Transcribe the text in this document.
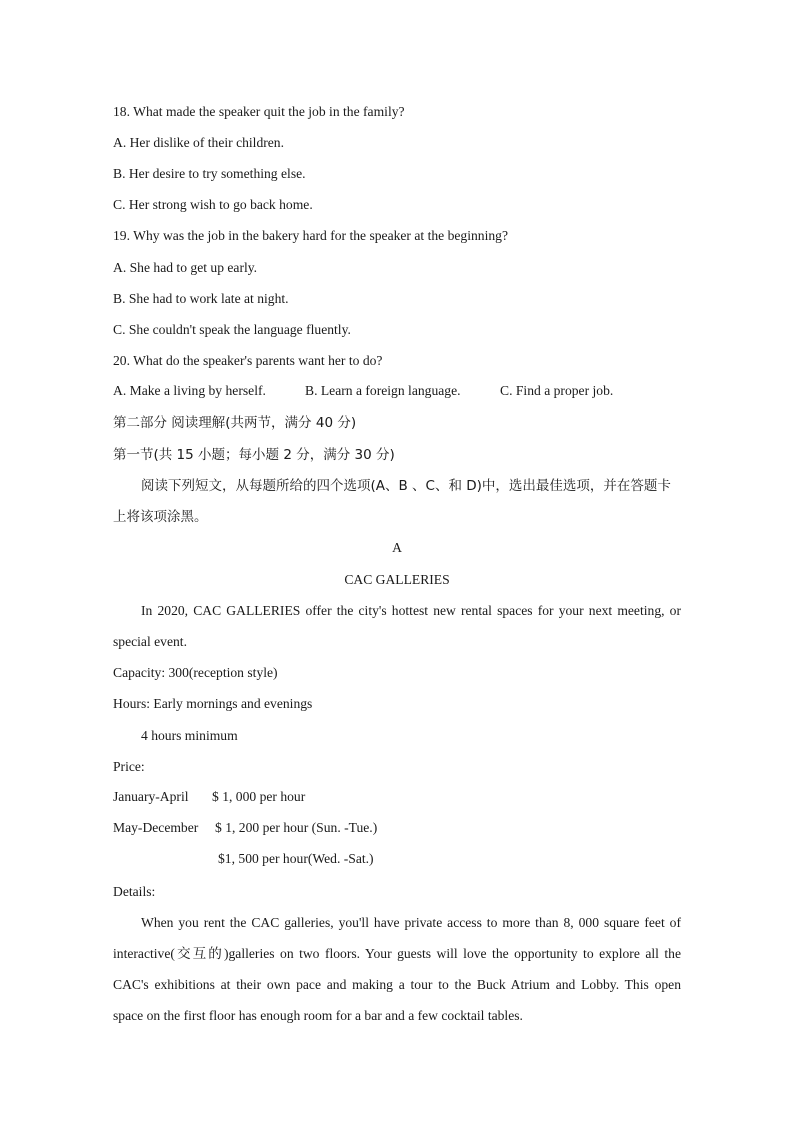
18. What made the speaker quit the job in the family?
A. Her dislike of their children.
B. Her desire to try something else.
C. Her strong wish to go back home.
19. Why was the job in the bakery hard for the speaker at the beginning?
A. She had to get up early.
B. She had to work late at night.
C. She couldn't speak the language fluently.
20. What do the speaker's parents want her to do?
A. Make a living by herself.	B. Learn a foreign language.	C. Find a proper job.
第二部分 阅读理解(共两节，满分 40 分)
第一节(共 15 小题；每小题 2 分，满分 30 分)
阅读下列短文，从每题所给的四个选项(A、B 、C、和 D)中，选出最佳选项，并在答题卡
上将该项涂黑。
A
CAC GALLERIES
In 2020, CAC GALLERIES offer the city's hottest new rental spaces for your next meeting, or
special event.
Capacity: 300(reception style)
Hours: Early mornings and evenings
4 hours minimum
Price:
January-April $ 1, 000 per hour
May-December $ 1, 200 per hour (Sun. -Tue.)
$1, 500 per hour(Wed. -Sat.)
Details:
When you rent the CAC galleries, you'll have private access to more than 8, 000 square feet of
interactive(交互的)galleries on two floors. Your guests will love the opportunity to explore all the
CAC's exhibitions at their own pace and making a tour to the Buck Atrium and Lobby. This open
space on the first floor has enough room for a bar and a few cocktail tables.
